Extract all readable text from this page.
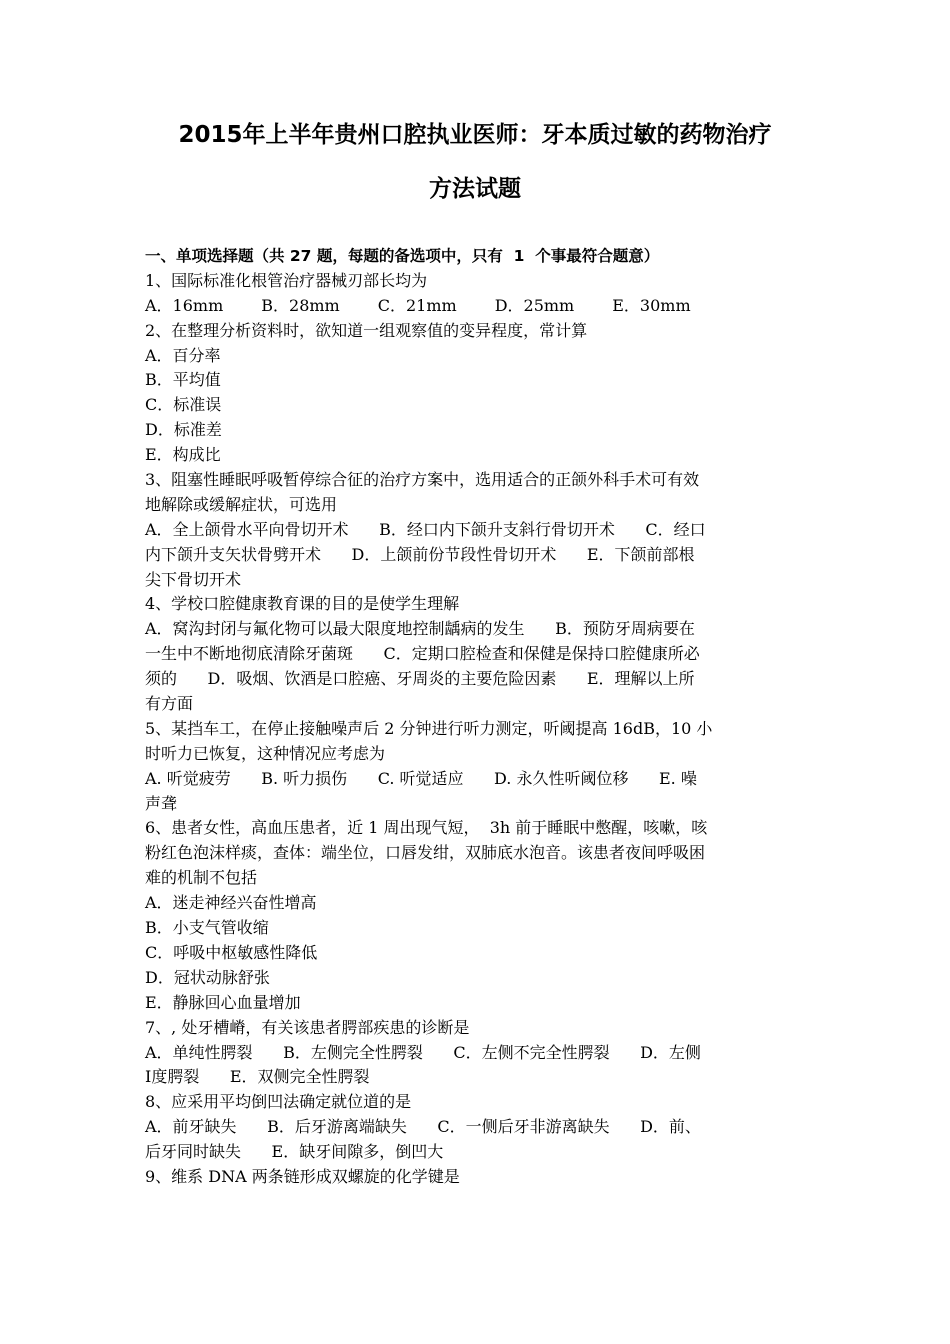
2015年上半年贵州口腔执业医师：牙本质过敏的药物治疗
方法试题
一、单项选择题（共 27 题，每题的备选项中，只有  1  个事最符合题意）
1、国际标准化根管治疗器械刃部长均为
A．16mm B．28mm C．21mm D．25mm E．30mm
2、在整理分析资料时，欲知道一组观察值的变异程度，常计算
A．百分率
B．平均值
C．标准误
D．标准差
E．构成比
3、阻塞性睡眠呼吸暂停综合征的治疗方案中，选用适合的正颌外科手术可有效
地解除或缓解症状，可选用
A．全上颌骨水平向骨切开术      B．经口内下颌升支斜行骨切开术      C．经口
内下颌升支矢状骨劈开术      D．上颌前份节段性骨切开术      E．下颌前部根
尖下骨切开术
4、学校口腔健康教育课的目的是使学生理解
A．窝沟封闭与氟化物可以最大限度地控制龋病的发生      B．预防牙周病要在
一生中不断地彻底清除牙菌斑      C．定期口腔检查和保健是保持口腔健康所必
须的      D．吸烟、饮酒是口腔癌、牙周炎的主要危险因素      E．理解以上所
有方面
5、某挡车工，在停止接触噪声后 2 分钟进行听力测定，听阈提高 16dB，10 小
时听力已恢复，这种情况应考虑为
A. 听觉疲劳      B. 听力损伤      C. 听觉适应      D. 永久性听阈位移      E. 噪
声聋
6、患者女性，高血压患者，近 1 周出现气短，  3h 前于睡眠中憋醒，咳嗽，咳
粉红色泡沫样痰，查体：端坐位，口唇发绀，双肺底水泡音。该患者夜间呼吸困
难的机制不包括
A．迷走神经兴奋性增高
B．小支气管收缩
C．呼吸中枢敏感性降低
D．冠状动脉舒张
E．静脉回心血量增加
7、, 处牙槽嵴，有关该患者腭部疾患的诊断是
A．单纯性腭裂      B．左侧完全性腭裂      C．左侧不完全性腭裂      D．左侧
Ⅰ度腭裂      E．双侧完全性腭裂
8、应采用平均倒凹法确定就位道的是
A．前牙缺失      B．后牙游离端缺失      C．一侧后牙非游离缺失      D．前、
后牙同时缺失      E．缺牙间隙多，倒凹大
9、维系 DNA 两条链形成双螺旋的化学键是
